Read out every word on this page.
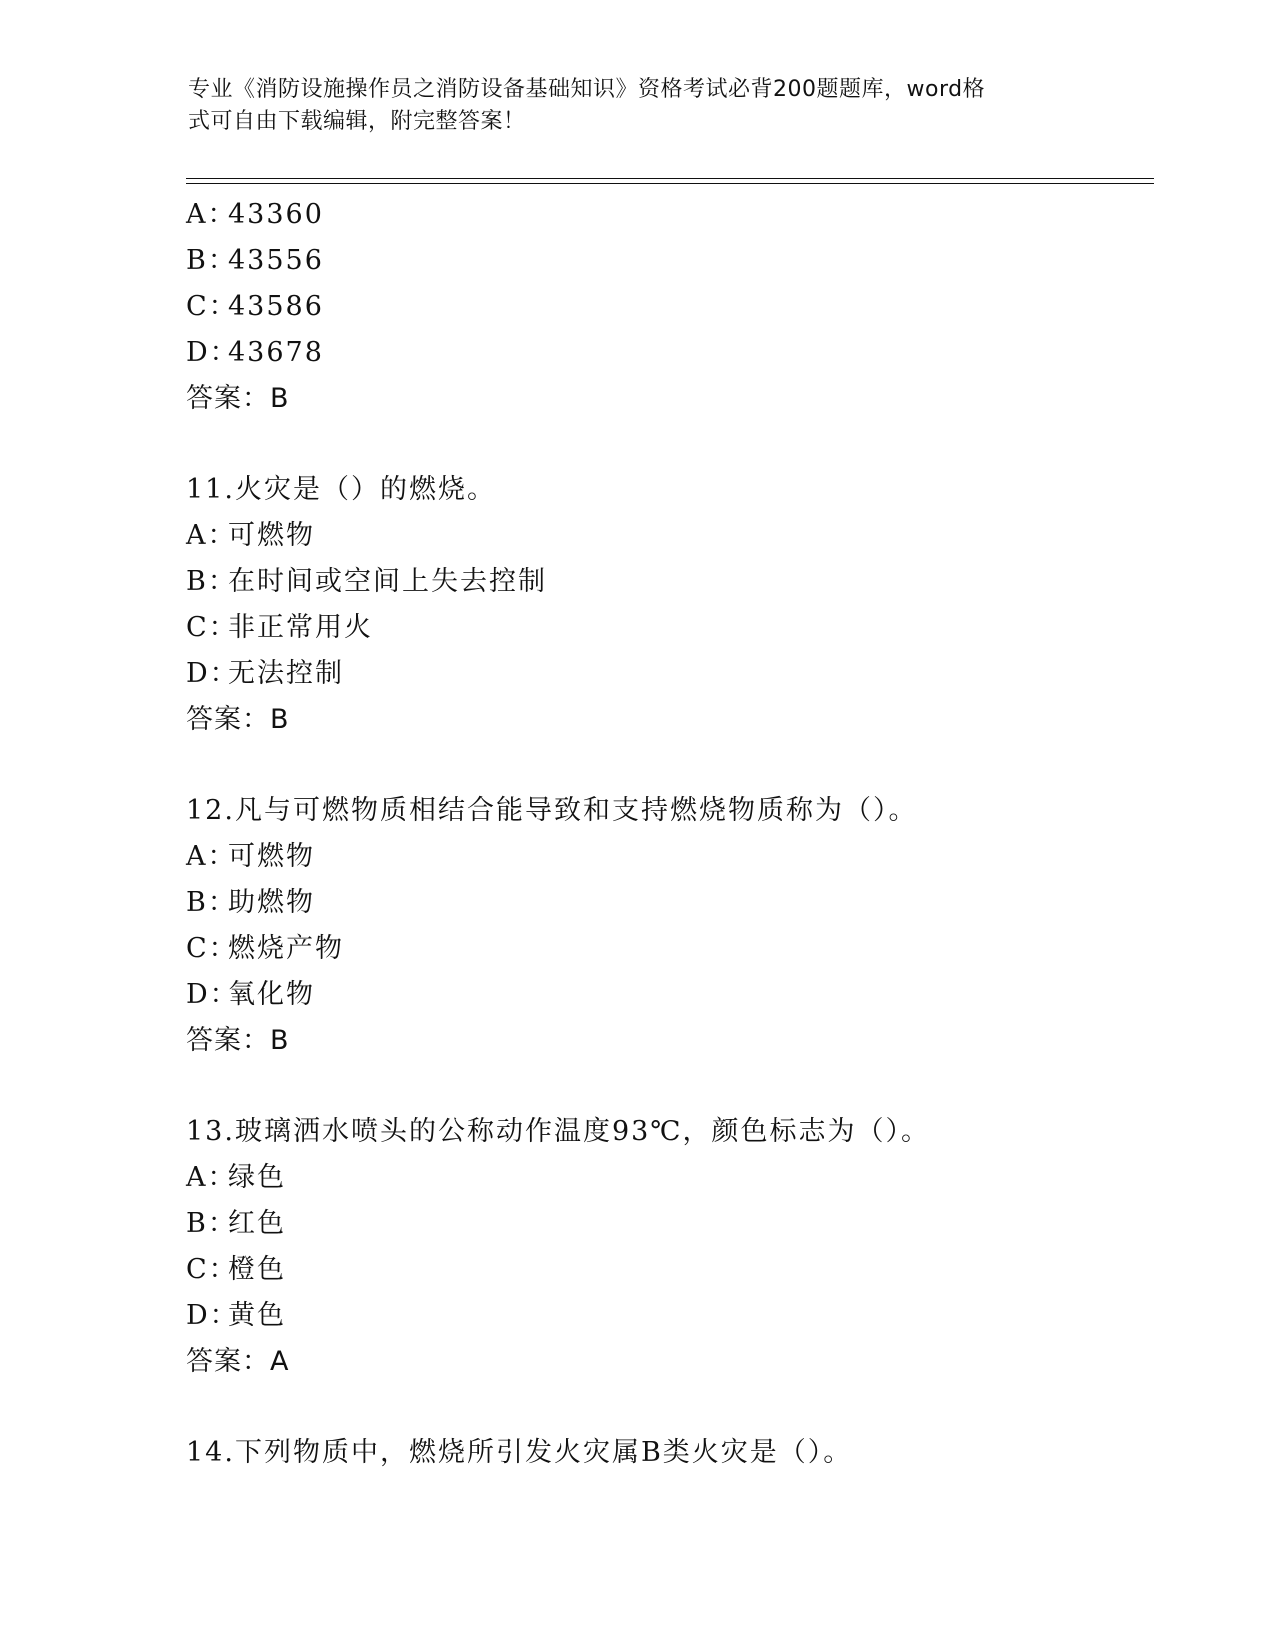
专业《消防设施操作员之消防设备基础知识》资格考试必背200题题库，word格
式可自由下载编辑，附完整答案！
A：43360
B：43556
C：43586
D：43678
答案：B
11.火灾是（）的燃烧。
A：可燃物
B：在时间或空间上失去控制
C：非正常用火
D：无法控制
答案：B
12.凡与可燃物质相结合能导致和支持燃烧物质称为（）。
A：可燃物
B：助燃物
C：燃烧产物
D：氧化物
答案：B
13.玻璃洒水喷头的公称动作温度93℃，颜色标志为（）。
A：绿色
B：红色
C：橙色
D：黄色
答案：A
14.下列物质中，燃烧所引发火灾属B类火灾是（）。
